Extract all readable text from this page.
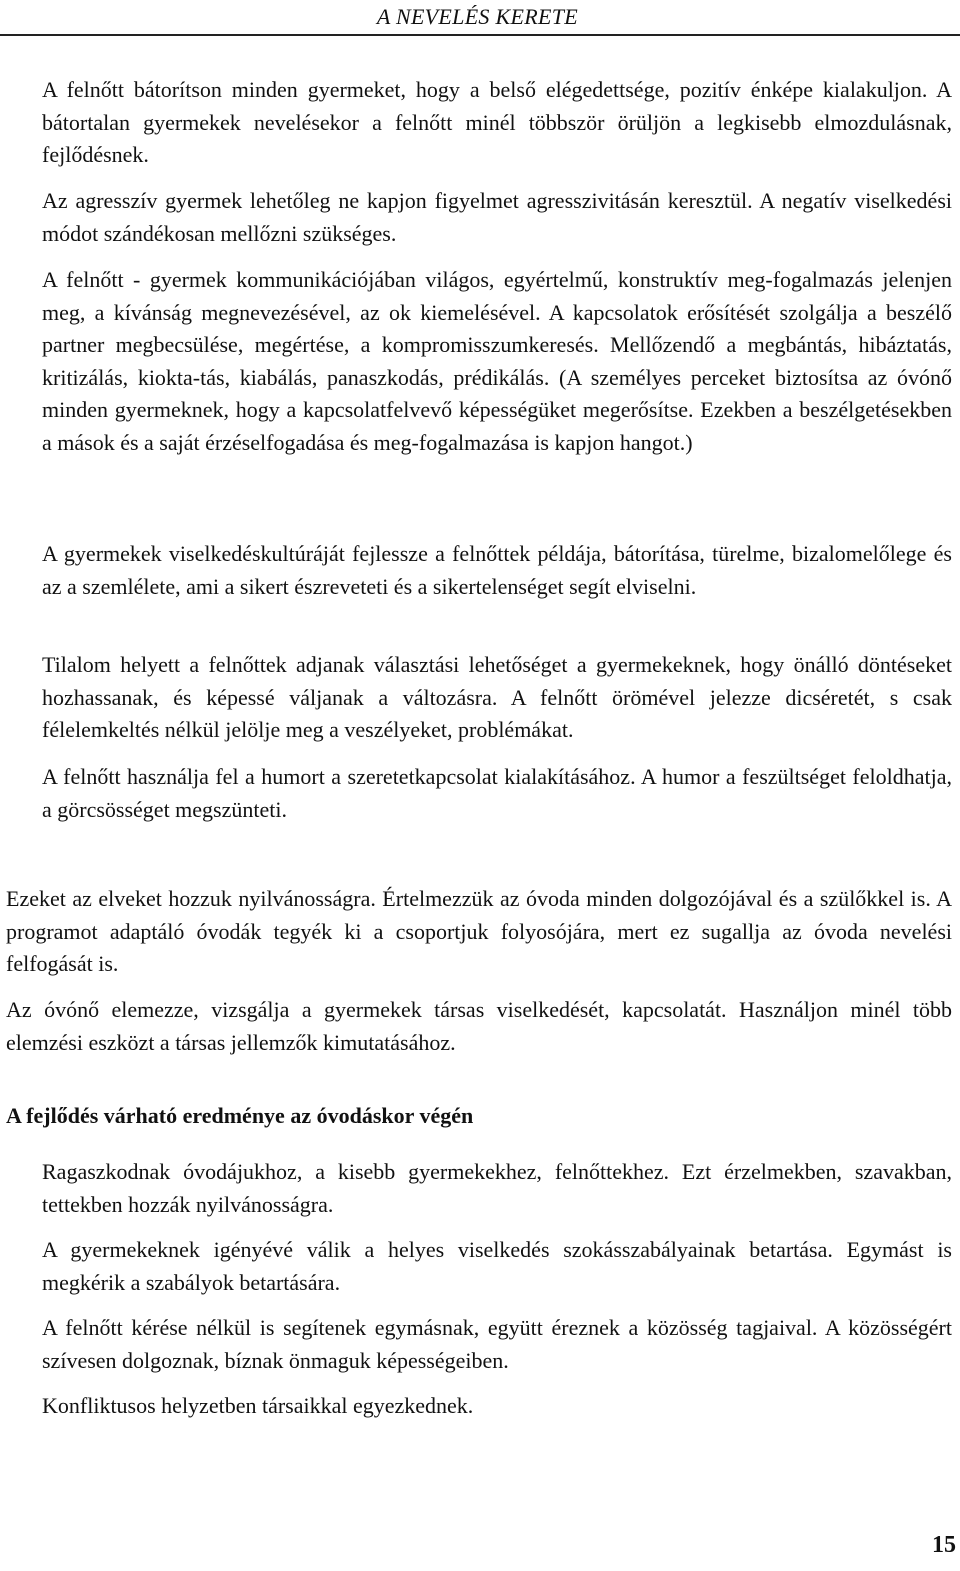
A NEVELÉS KERETE

A felnőtt bátorítson minden gyermeket, hogy a belső elégedettsége, pozitív énképe kialakuljon. A bátortalan gyermekek nevelésekor a felnőtt minél többször örüljön a legkisebb elmozdulásnak, fejlődésnek.

Az agresszív gyermek lehetőleg ne kapjon figyelmet agresszivitásán keresztül. A negatív viselkedési módot szándékosan mellőzni szükséges.

A felnőtt - gyermek kommunikációjában világos, egyértelmű, konstruktív meg-fogalmazás jelenjen meg, a kívánság megnevezésével, az ok kiemelésével. A kapcsolatok erősítését szolgálja a beszélő partner megbecsülése, megértése, a kompromisszumkeresés. Mellőzendő a megbántás, hibáztatás, kritizálás, kiokta-tás, kiabálás, panaszkodás, prédikálás. (A személyes perceket biztosítsa az óvónő minden gyermeknek, hogy a kapcsolatfelvevő képességüket megerősítse. Ezekben a beszélgetésekben a mások és a saját érzéselfogadása és meg-fogalmazása is kapjon hangot.)

A gyermekek viselkedéskultúráját fejlessze a felnőttek példája, bátorítása, türelme, bizalomelőlege és az a szemlélete, ami a sikert észreveteti és a sikertelenséget segít elviselni.

Tilalom helyett a felnőttek adjanak választási lehetőséget a gyermekeknek, hogy önálló döntéseket hozhassanak, és képessé váljanak a változásra. A felnőtt örömével jelezze dicséretét, s csak félelemkeltés nélkül jelölje meg a veszélyeket, problémákat.

A felnőtt használja fel a humort a szeretetkapcsolat kialakításához. A humor a feszültséget feloldhatja, a görcsösséget megszünteti.

Ezeket az elveket hozzuk nyilvánosságra. Értelmezzük az óvoda minden dolgozójával és a szülőkkel is. A programot adaptáló óvodák tegyék ki a csoportjuk folyosójára, mert ez sugallja az óvoda nevelési felfogását is.

Az óvónő elemezze, vizsgálja a gyermekek társas viselkedését, kapcsolatát. Használjon minél több elemzési eszközt a társas jellemzők kimutatásához.

A fejlődés várható eredménye az óvodáskor végén

Ragaszkodnak óvodájukhoz, a kisebb gyermekekhez, felnőttekhez. Ezt érzelmekben, szavakban, tettekben hozzák nyilvánosságra.

A gyermekeknek igényévé válik a helyes viselkedés szokásszabályainak betartása. Egymást is megkérik a szabályok betartására.

A felnőtt kérése nélkül is segítenek egymásnak, együtt éreznek a közösség tagjaival. A közösségért szívesen dolgoznak, bíznak önmaguk képességeiben.

Konfliktusos helyzetben társaikkal egyezkednek.

15
